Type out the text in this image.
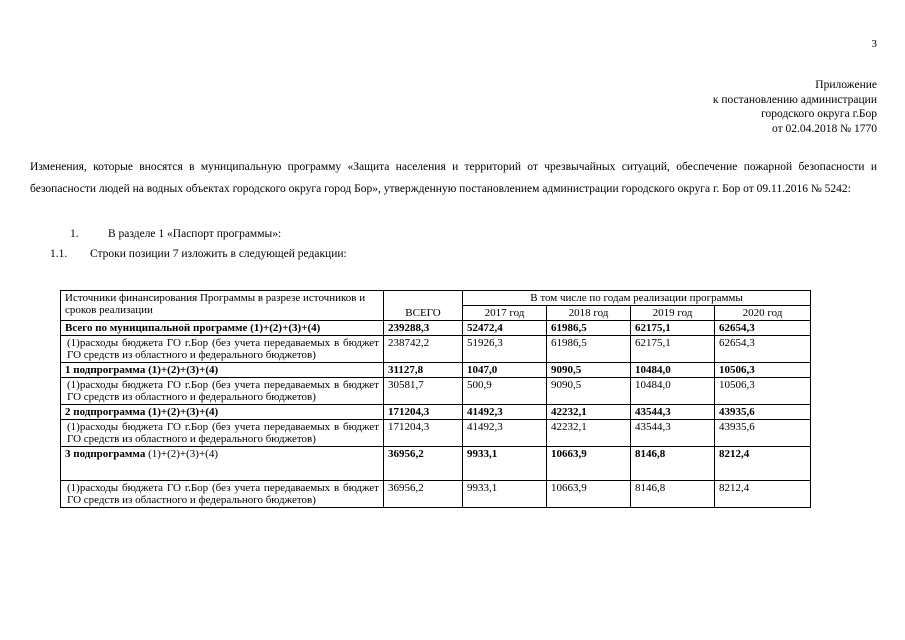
3
Приложение
к постановлению администрации
городского округа г.Бор
от 02.04.2018 № 1770
Изменения, которые вносятся в муниципальную программу «Защита населения и территорий от чрезвычайных ситуаций, обеспечение пожарной безопасности и безопасности людей на водных объектах городского округа город Бор», утвержденную постановлением администрации городского округа г. Бор от 09.11.2016 № 5242:
1.	В разделе 1 «Паспорт программы»:
1.1. Строки позиции 7 изложить в следующей редакции:
Источники финансирования Программы в разрезе источников и сроков реализации	ВСЕГО	В том числе по годам реализации программы			
		2017 год	2018 год	2019 год	2020 год
Всего по муниципальной программе (1)+(2)+(3)+(4)	239288,3	52472,4	61986,5	62175,1	62654,3
(1)расходы бюджета ГО г.Бор (без учета передаваемых в бюджет ГО средств из областного и федерального бюджетов)	238742,2	51926,3	61986,5	62175,1	62654,3
1 подпрограмма (1)+(2)+(3)+(4)	31127,8	1047,0	9090,5	10484,0	10506,3
(1)расходы бюджета ГО г.Бор (без учета передаваемых в бюджет ГО средств из областного и федерального бюджетов)	30581,7	500,9	9090,5	10484,0	10506,3
2 подпрограмма (1)+(2)+(3)+(4)	171204,3	41492,3	42232,1	43544,3	43935,6
(1)расходы бюджета ГО г.Бор (без учета передаваемых в бюджет ГО средств из областного и федерального бюджетов)	171204,3	41492,3	42232,1	43544,3	43935,6
3 подпрограмма (1)+(2)+(3)+(4)	36956,2	9933,1	10663,9	8146,8	8212,4
(1)расходы бюджета ГО г.Бор (без учета передаваемых в бюджет ГО средств из областного и федерального бюджетов)	36956,2	9933,1	10663,9	8146,8	8212,4
